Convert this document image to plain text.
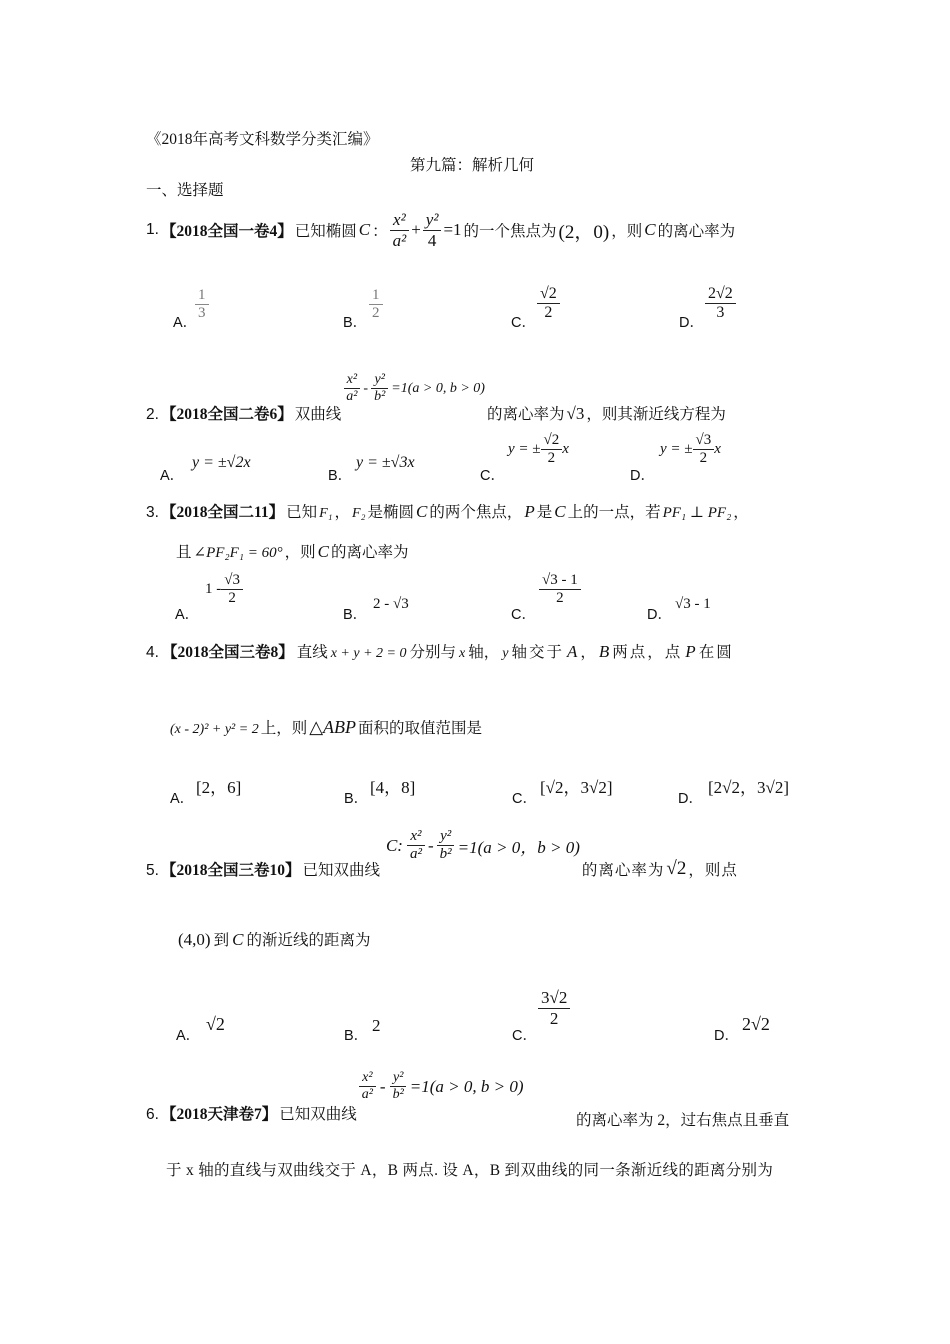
《2018年高考文科数学分类汇编》
第九篇：解析几何
一、选择题
1. 【2018全国一卷4】 已知椭圆 C ： $\frac{\text{x²}}{\text{a²}} + \frac{\text{y²}}{4} =1$ 的一个焦点为 (2，0) ，则 C 的离心率为
A．
$\frac{1}{3}$
B．
$\frac{1}{2}$
C．
$\frac{√2}{2}$
D．
$\frac{2√2}{3}$
2. 【2018全国二卷6】 双曲线
$\frac{\text{x²}}{\text{a²}} - \frac{\text{y²}}{\text{b²}} =1(a > 0$, b > 0)
的离心率为 √3 ，则其渐近线方程为
A．
y = ±√2x
B．
y = ±√3x
C．
y = ± $\frac{√2}{2}$ x
D．
y = ± $\frac{√3}{2}$ x
3. 【2018全国二11】 已知 F₁ ， F₂ 是椭圆 C 的两个焦点， P 是 C 上的一点，若 PF₁ ⊥ PF₂ ，
且 ∠PF₂F₁ = 60° ，则 C 的离心率为
A．
$1 - \frac{√3}{2}$
B．
2 - √3
C．
$\frac{√3 - 1}{2}$
D．
√3 - 1
4. 【2018全国三卷8】 直线 x + y + 2 = 0 分别与 x 轴， y 轴交于 A ， B 两点，点 P 在圆
(x - 2)² + y² = 2 上，则 △ABP 面积的取值范围是
A．
[2，6]
B．
[4，8]
C．
[√2，3√2]
D．
[2√2，3√2]
5. 【2018全国三卷10】 已知双曲线
C: $\frac{\text{x²}}{\text{a²}} - \frac{\text{y²}}{\text{b²}} =1(a > 0$，b > 0)
的离心率为 √2 ，则点
(4,0) 到 C 的渐近线的距离为
A．
√2
B．
2
C．
$\frac{3√2}{2}$
D．
2√2
6. 【2018天津卷7】 已知双曲线
$\frac{\text{x²}}{\text{a²}} - \frac{\text{y²}}{\text{b²}} =1(a > 0$, b > 0)
的离心率为 2，过右焦点且垂直
于 x 轴的直线与双曲线交于 A，B 两点. 设 A，B 到双曲线的同一条渐近线的距离分别为
